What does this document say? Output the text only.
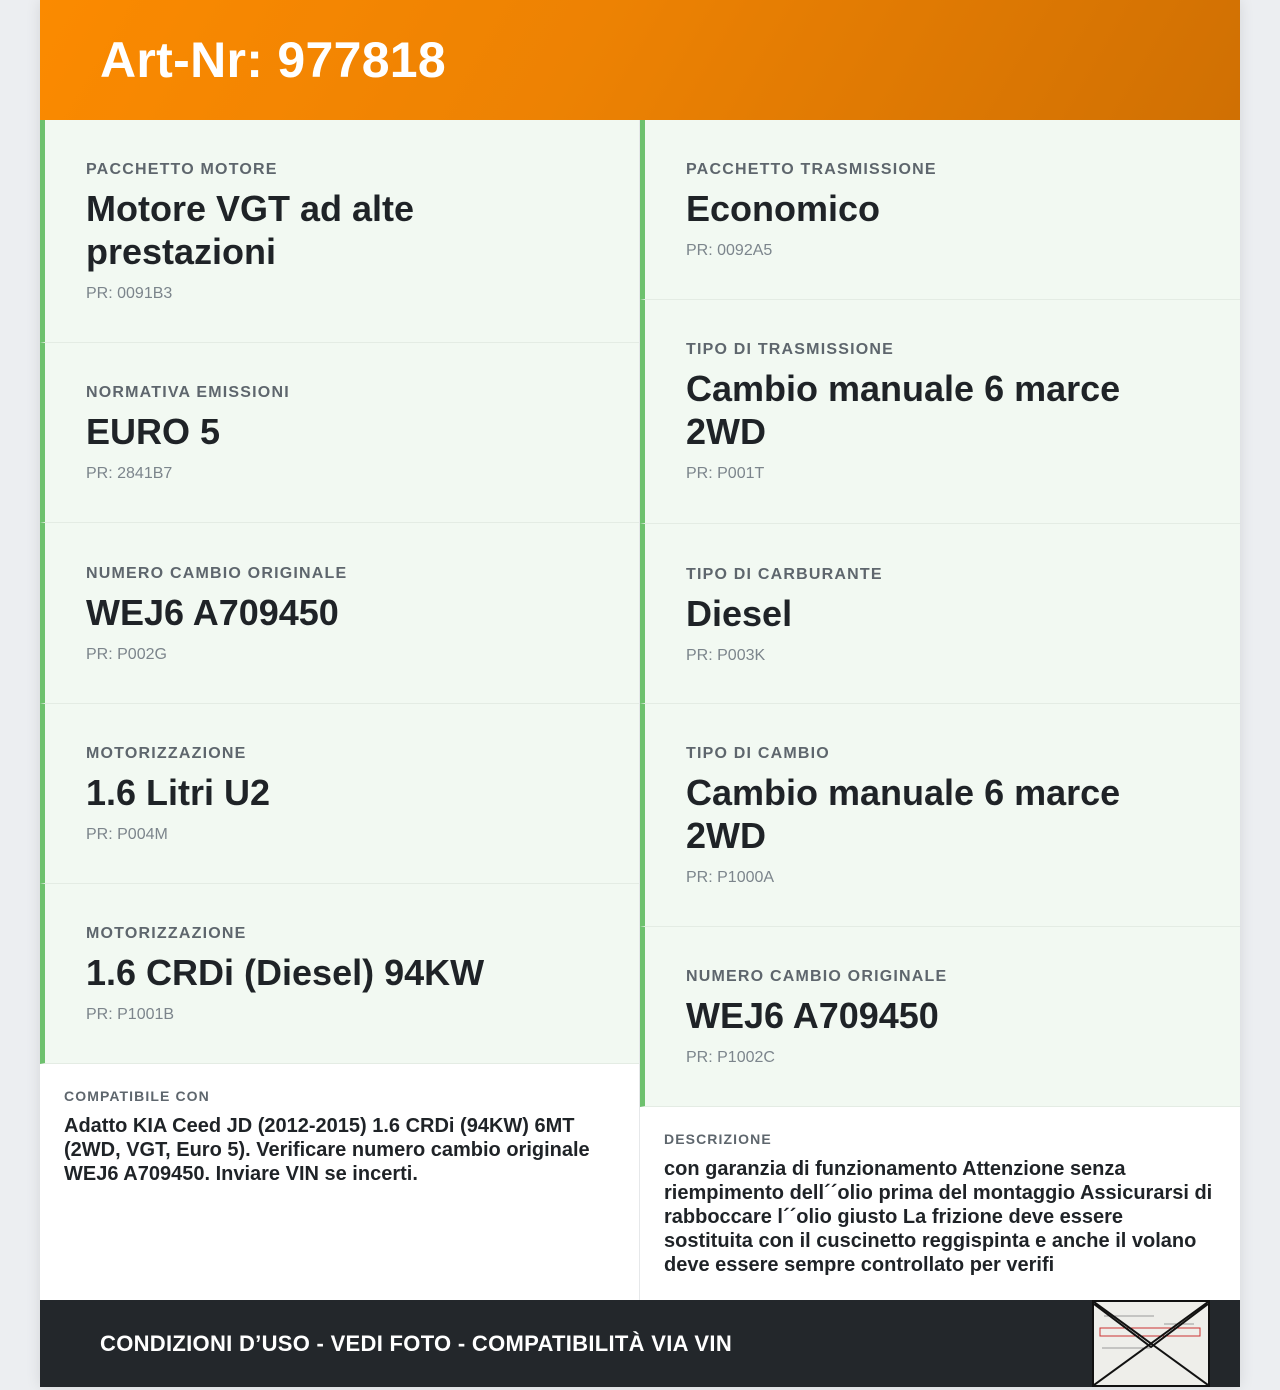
Art-Nr: 977818
PACCHETTO MOTORE
Motore VGT ad alte prestazioni
PR: 0091B3
NORMATIVA EMISSIONI
EURO 5
PR: 2841B7
NUMERO CAMBIO ORIGINALE
WEJ6 A709450
PR: P002G
MOTORIZZAZIONE
1.6 Litri U2
PR: P004M
MOTORIZZAZIONE
1.6 CRDi (Diesel) 94KW
PR: P1001B
COMPATIBILE CON
Adatto KIA Ceed JD (2012-2015) 1.6 CRDi (94KW) 6MT (2WD, VGT, Euro 5). Verificare numero cambio originale WEJ6 A709450. Inviare VIN se incerti.
PACCHETTO TRASMISSIONE
Economico
PR: 0092A5
TIPO DI TRASMISSIONE
Cambio manuale 6 marce 2WD
PR: P001T
TIPO DI CARBURANTE
Diesel
PR: P003K
TIPO DI CAMBIO
Cambio manuale 6 marce 2WD
PR: P1000A
NUMERO CAMBIO ORIGINALE
WEJ6 A709450
PR: P1002C
DESCRIZIONE
con garanzia di funzionamento Attenzione senza riempimento dell´´olio prima del montaggio Assicurarsi di rabboccare l´´olio giusto La frizione deve essere sostituita con il cuscinetto reggispinta e anche il volano deve essere sempre controllato per verifi
CONDIZIONI D’USO - VEDI FOTO - COMPATIBILITÀ VIA VIN
